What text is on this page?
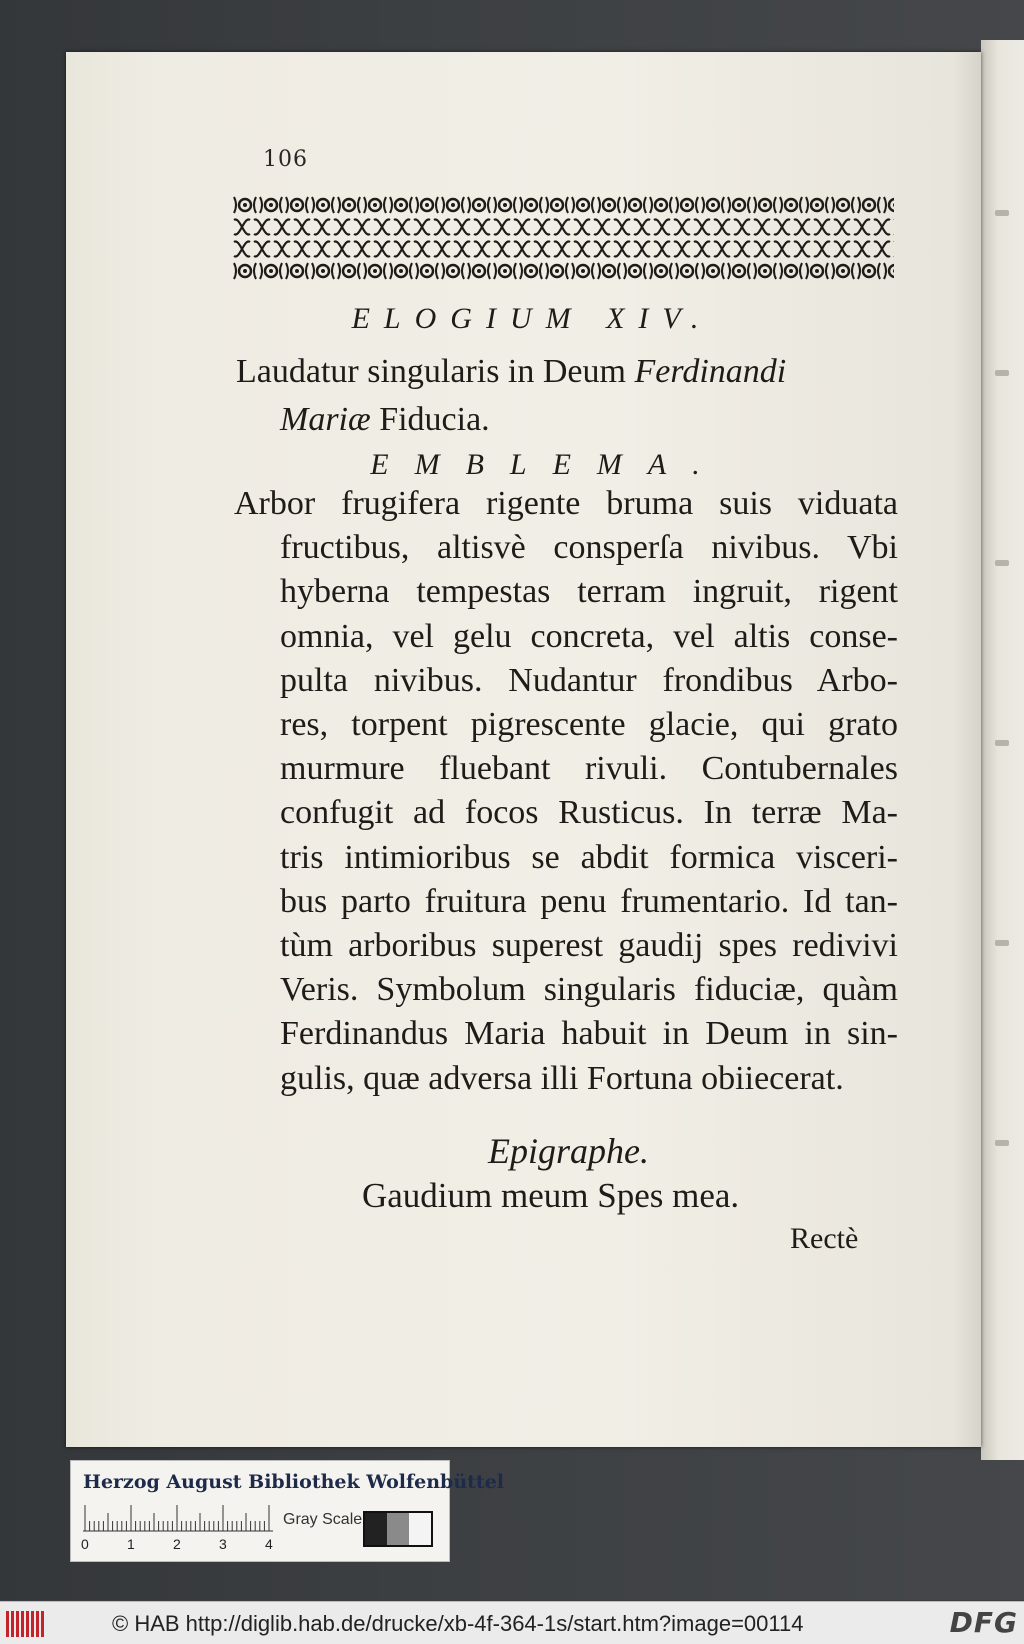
106
ELOGIUM XIV.
Laudatur singularis in Deum Ferdinandi
Mariæ Fiducia.
EMBLEMA.
Arbor frugifera rigente bruma suis viduata
fructibus, altisvè consperſa nivibus. Vbi
hyberna tempestas terram ingruit, rigent
omnia, vel gelu concreta, vel altis conse-
pulta nivibus. Nudantur frondibus Arbo-
res, torpent pigrescente glacie, qui grato
murmure fluebant rivuli. Contubernales
confugit ad focos Rusticus. In terræ Ma-
tris intimioribus se abdit formica visceri-
bus parto fruitura penu frumentario. Id tan-
tùm arboribus superest gaudij spes redivivi
Veris. Symbolum singularis fiduciæ, quàm
Ferdinandus Maria habuit in Deum in sin-
gulis, quæ adversa illi Fortuna obiiecerat.
Epigraphe.
Gaudium meum Spes mea.
Rectè
Herzog August Bibliothek Wolfenbüttel
0	1	2	3	4
Gray Scale
© HAB http://diglib.hab.de/drucke/xb-4f-364-1s/start.htm?image=00114	DFG
